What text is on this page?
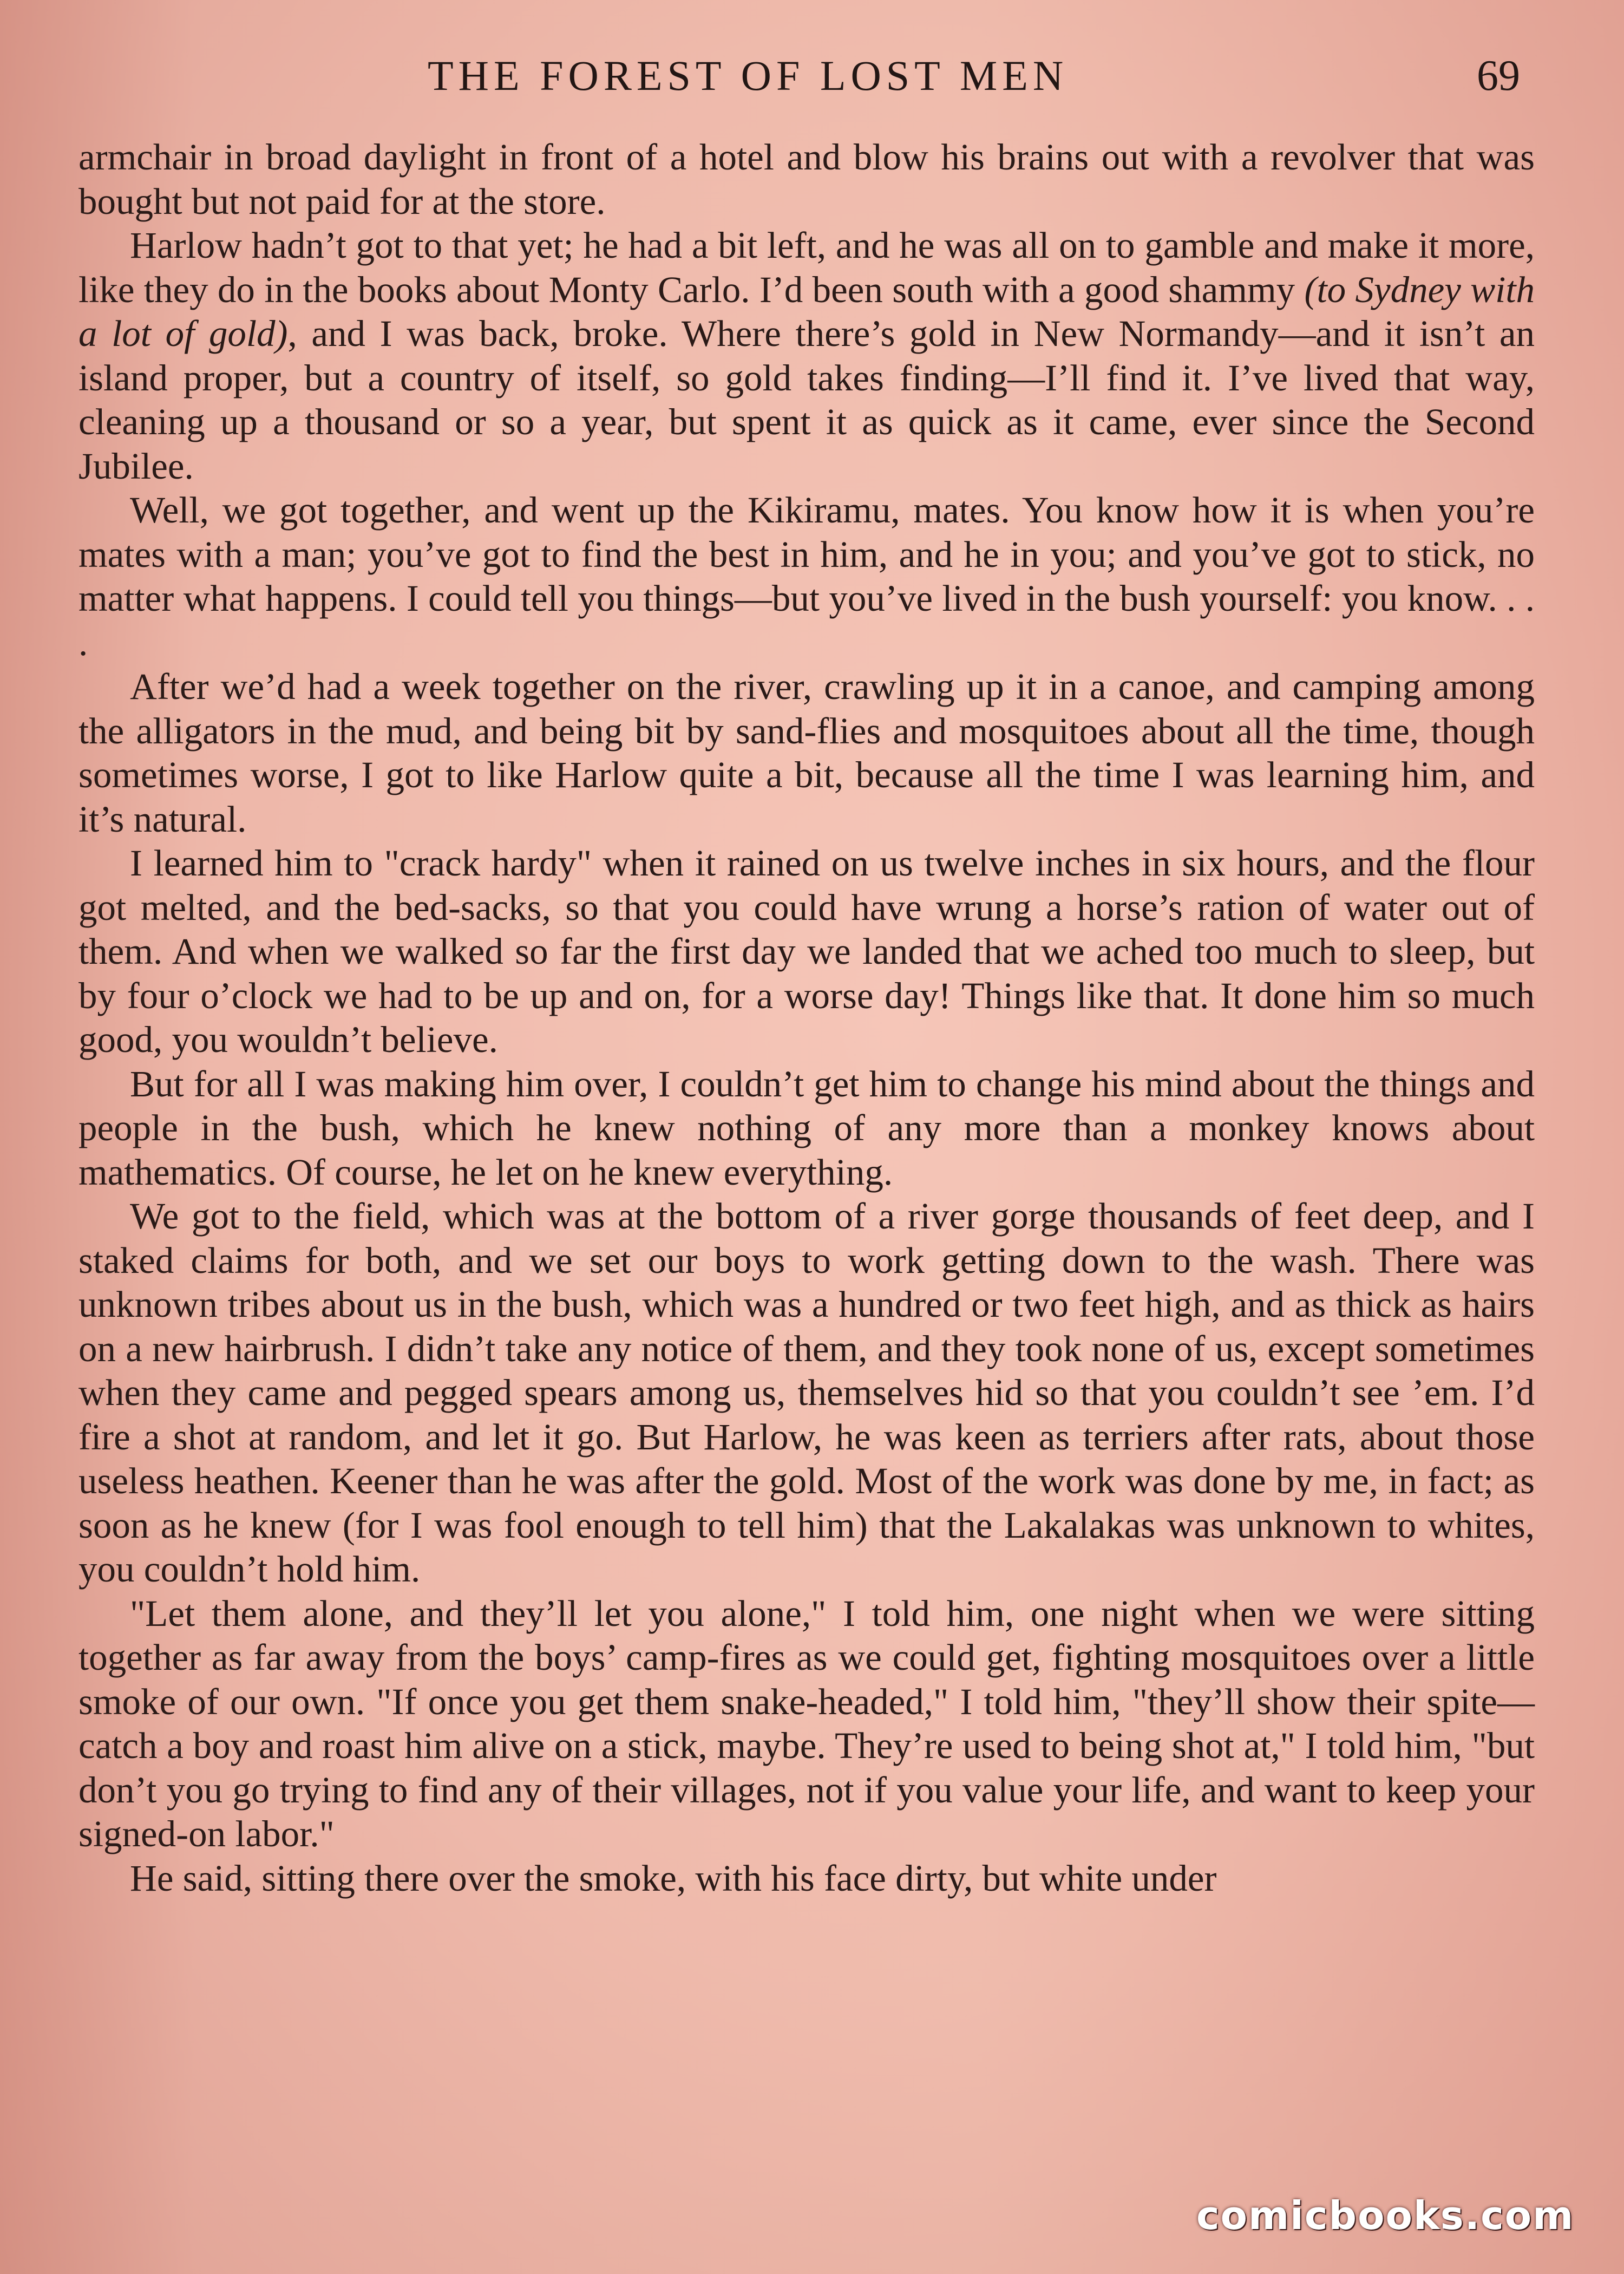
THE FOREST OF LOST MEN	69

armchair in broad daylight in front of a hotel and blow his brains out with a revolver that was bought but not paid for at the store.

Harlow hadn’t got to that yet; he had a bit left, and he was all on to gamble and make it more, like they do in the books about Monty Carlo. I’d been south with a good shammy (to Sydney with a lot of gold), and I was back, broke. Where there’s gold in New Normandy—and it isn’t an island proper, but a country of itself, so gold takes finding—I’ll find it. I’ve lived that way, cleaning up a thousand or so a year, but spent it as quick as it came, ever since the Second Jubilee.

Well, we got together, and went up the Kikiramu, mates. You know how it is when you’re mates with a man; you’ve got to find the best in him, and he in you; and you’ve got to stick, no matter what happens. I could tell you things—but you’ve lived in the bush yourself: you know. . . .

After we’d had a week together on the river, crawling up it in a canoe, and camping among the alligators in the mud, and being bit by sand-flies and mosquitoes about all the time, though sometimes worse, I got to like Harlow quite a bit, because all the time I was learning him, and it’s natural.

I learned him to "crack hardy" when it rained on us twelve inches in six hours, and the flour got melted, and the bed-sacks, so that you could have wrung a horse’s ration of water out of them. And when we walked so far the first day we landed that we ached too much to sleep, but by four o’clock we had to be up and on, for a worse day! Things like that. It done him so much good, you wouldn’t believe.

But for all I was making him over, I couldn’t get him to change his mind about the things and people in the bush, which he knew nothing of any more than a monkey knows about mathematics. Of course, he let on he knew everything.

We got to the field, which was at the bottom of a river gorge thousands of feet deep, and I staked claims for both, and we set our boys to work getting down to the wash. There was unknown tribes about us in the bush, which was a hundred or two feet high, and as thick as hairs on a new hairbrush. I didn’t take any notice of them, and they took none of us, except sometimes when they came and pegged spears among us, themselves hid so that you couldn’t see ’em. I’d fire a shot at random, and let it go. But Harlow, he was keen as terriers after rats, about those useless heathen. Keener than he was after the gold. Most of the work was done by me, in fact; as soon as he knew (for I was fool enough to tell him) that the Lakalakas was unknown to whites, you couldn’t hold him.

"Let them alone, and they’ll let you alone," I told him, one night when we were sitting together as far away from the boys’ camp-fires as we could get, fighting mosquitoes over a little smoke of our own. "If once you get them snake-headed," I told him, "they’ll show their spite—catch a boy and roast him alive on a stick, maybe. They’re used to being shot at," I told him, "but don’t you go trying to find any of their villages, not if you value your life, and want to keep your signed-on labor."

He said, sitting there over the smoke, with his face dirty, but white under

comicbooks.com
